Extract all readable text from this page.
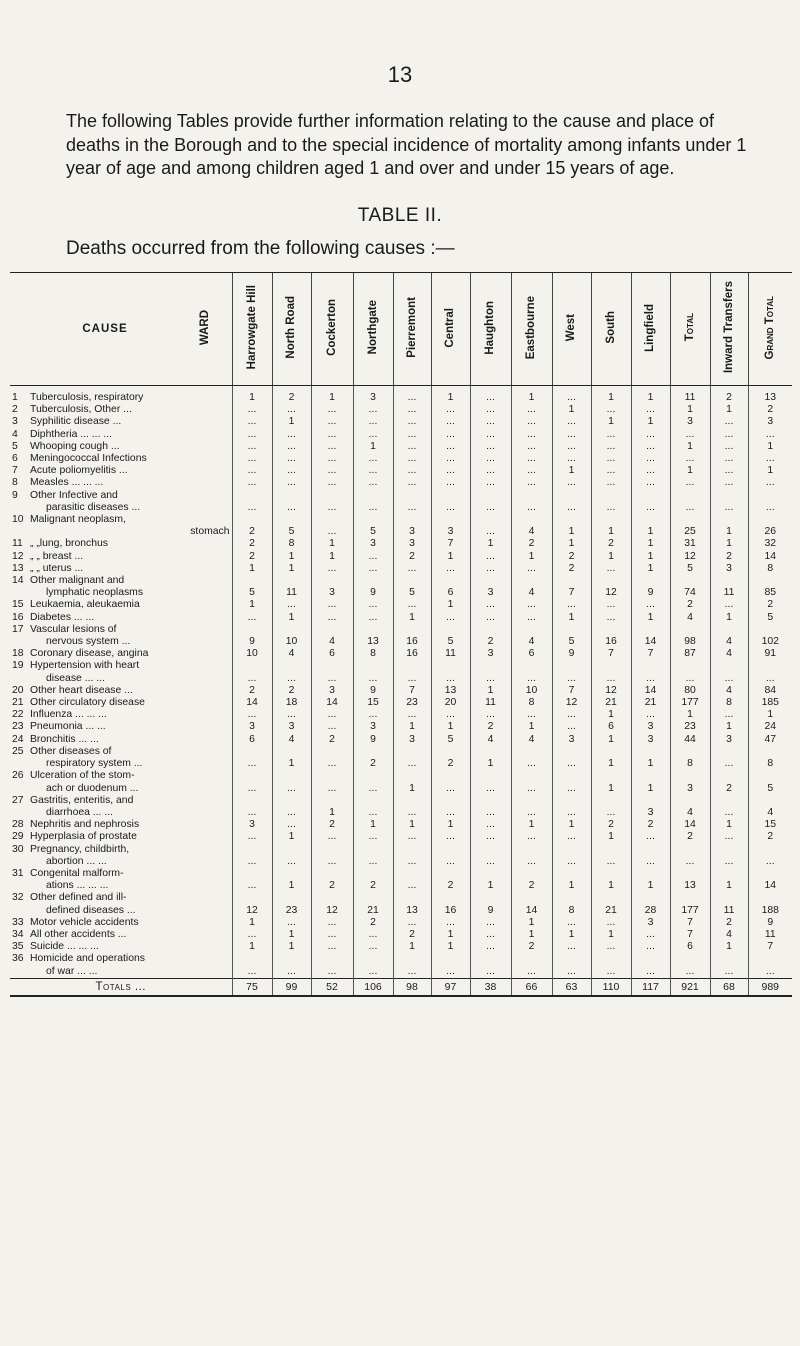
13
The following Tables provide further information relating to the cause and place of deaths in the Borough and to the special incidence of mortality among infants under 1 year of age and among children aged 1 and over and under 15 years of age.
TABLE II.
Deaths occurred from the following causes :—
CAUSE		WARD	Harrowgate Hill	North Road	Cockerton	Northgate	Pierremont	Central	Haughton	Eastbourne	West	South	Lingfield	Total	Inward Transfers	Grand Total
1	Tuberculosis, respiratory		1	2	1	3	...	1	...	1	...	1	1	11	2	13
2	Tuberculosis, Other ...		...	...	...	...	...	...	...	...	1	...	...	1	1	2
3	Syphilitic disease ...		...	1	...	...	...	...	...	...	...	1	1	3	...	3
4	Diphtheria ... ... ...		...	...	...	...	...	...	...	...	...	...	...	...	...	...
5	Whooping cough ...		...	...	...	1	...	...	...	...	...	...	...	1	...	1
6	Meningococcal Infections		...	...	...	...	...	...	...	...	...	...	...	...	...	...
7	Acute poliomyelitis ...		...	...	...	...	...	...	...	...	1	...	...	1	...	1
8	Measles ... ... ...		...	...	...	...	...	...	...	...	...	...	...	...	...	...
9	Other Infective and
parasitic diseases ...		...	...	...	...	...	...	...	...	...	...	...	...	...	...
10	Malignant neoplasm,
stomach		2	5	...	5	3	3	...	4	1	1	1	25	1	26
11	„ „lung, bronchus		2	8	1	3	3	7	1	2	1	2	1	31	1	32
12	„ „ breast ...		2	1	1	...	2	1	...	1	2	1	1	12	2	14
13	„ „ uterus ...		1	1	...	...	...	...	...	...	2	...	1	5	3	8
14	Other malignant and
lymphatic neoplasms		5	11	3	9	5	6	3	4	7	12	9	74	11	85
15	Leukaemia, aleukaemia		1	...	...	...	...	1	...	...	...	...	...	2	...	2
16	Diabetes ... ...		...	1	...	...	1	...	...	...	1	...	1	4	1	5
17	Vascular lesions of
nervous system ...		9	10	4	13	16	5	2	4	5	16	14	98	4	102
18	Coronary disease, angina		10	4	6	8	16	11	3	6	9	7	7	87	4	91
19	Hypertension with heart
disease ... ...		...	...	...	...	...	...	...	...	...	...	...	...	...	...
20	Other heart disease ...		2	2	3	9	7	13	1	10	7	12	14	80	4	84
21	Other circulatory disease		14	18	14	15	23	20	11	8	12	21	21	177	8	185
22	Influenza ... ... ...		...	...	...	...	...	...	...	...	...	1	...	1	...	1
23	Pneumonia ... ...		3	3	...	3	1	1	2	1	...	6	3	23	1	24
24	Bronchitis ... ...		6	4	2	9	3	5	4	4	3	1	3	44	3	47
25	Other diseases of
respiratory system ...		...	1	...	2	...	2	1	...	...	1	1	8	...	8
26	Ulceration of the stom-
ach or duodenum ...		...	...	...	...	1	...	...	...	...	1	1	3	2	5
27	Gastritis, enteritis, and
diarrhoea ... ...		...	...	1	...	...	...	...	...	...	...	3	4	...	4
28	Nephritis and nephrosis		3	...	2	1	1	1	...	1	1	2	2	14	1	15
29	Hyperplasia of prostate		...	1	...	...	...	...	...	...	...	1	...	2	...	2
30	Pregnancy, childbirth,
abortion ... ...		...	...	...	...	...	...	...	...	...	...	...	...	...	...
31	Congenital malform-
ations ... ... ...		...	1	2	2	...	2	1	2	1	1	1	13	1	14
32	Other defined and ill-
defined diseases ...		12	23	12	21	13	16	9	14	8	21	28	177	11	188
33	Motor vehicle accidents		1	...	...	2	...	...	...	1	...	...	3	7	2	9
34	All other accidents ...		...	1	...	...	2	1	...	1	1	1	...	7	4	11
35	Suicide ... ... ...		1	1	...	...	1	1	...	2	...	...	...	6	1	7
36	Homicide and operations
of war ... ...		...	...	...	...	...	...	...	...	...	...	...	...	...	...
Totals ...			75	99	52	106	98	97	38	66	63	110	117	921	68	989
